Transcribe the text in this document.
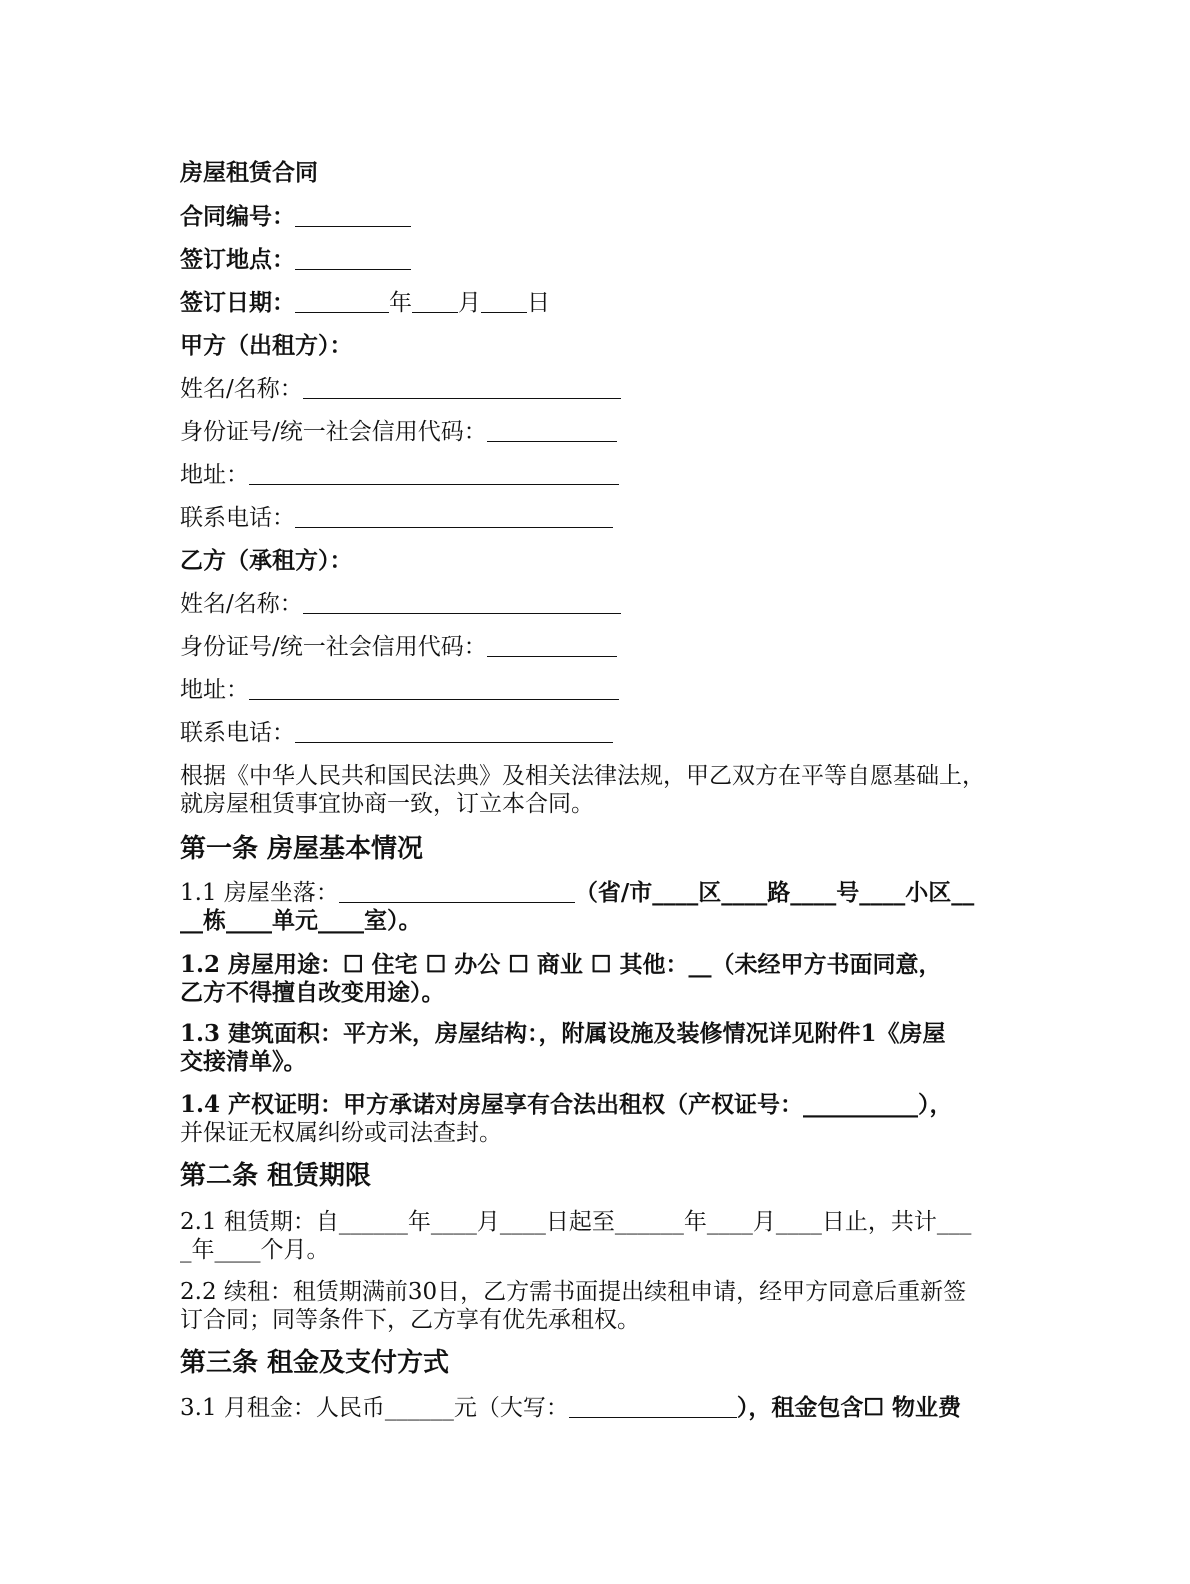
房屋租赁合同
合同编号：
签订地点：
签订日期：	年 月 日
甲方（出租方）：
姓名/名称：
身份证号/统一社会信用代码：
地址：
联系电话：
乙方（承租方）：
姓名/名称：
身份证号/统一社会信用代码：
地址：
联系电话：
根据《中华人民共和国民法典》及相关法律法规，甲乙双方在平等自愿基础上，
就房屋租赁事宜协商一致，订立本合同。
第一条 房屋基本情况
1.1 房屋坐落：	（省/市____区____路____号____小区__
__栋____单元____室）。
1.2 房屋用途：☐ 住宅 ☐ 办公 ☐ 商业 ☐ 其他：__（未经甲方书面同意，
乙方不得擅自改变用途）。
1.3 建筑面积：平方米，房屋结构：，附属设施及装修情况详见附件1《房屋
交接清单》。
1.4 产权证明：甲方承诺对房屋享有合法出租权（产权证号：__________），
并保证无权属纠纷或司法查封。
第二条 租赁期限
2.1 租赁期：自______年____月____日起至______年____月____日止，共计___
_年____个月。
2.2 续租：租赁期满前30日，乙方需书面提出续租申请，经甲方同意后重新签
订合同；同等条件下，乙方享有优先承租权。
第三条 租金及支付方式
3.1 月租金：人民币______元（大写：	），租金包含☐ 物业费
